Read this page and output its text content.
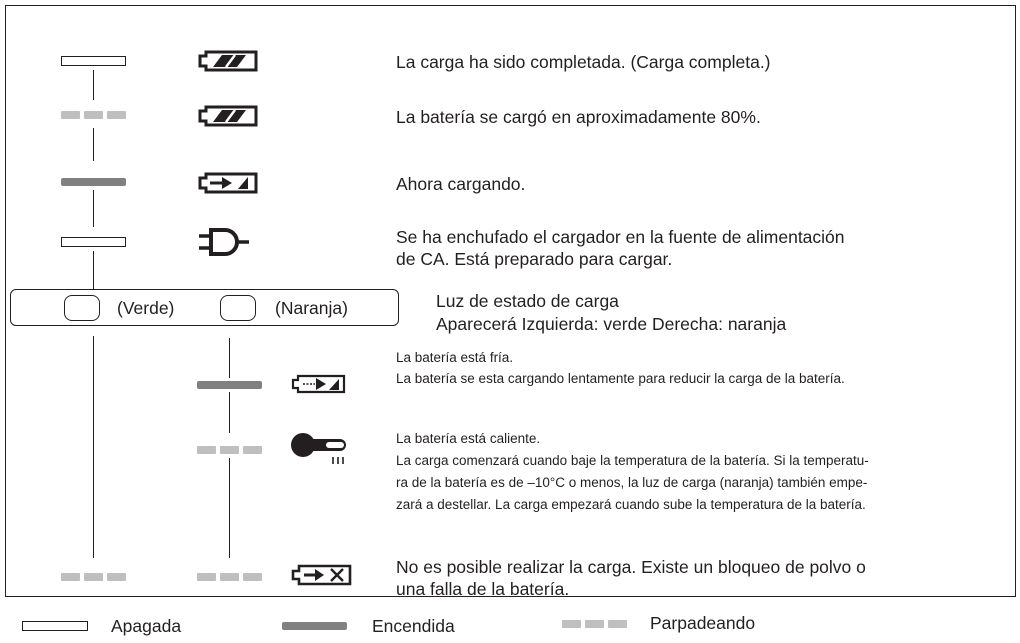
La carga ha sido completada. (Carga completa.)
La batería se cargó en aproximadamente 80%.
Ahora cargando.
Se ha enchufado el cargador en la fuente de alimentación
de CA. Está preparado para cargar.
(Verde)	(Naranja)	Luz de estado de carga
Aparecerá Izquierda: verde Derecha: naranja
La batería está fría.
La batería se esta cargando lentamente para reducir la carga de la batería.
La batería está caliente.
La carga comenzará cuando baje la temperatura de la batería. Si la temperatu-
ra de la batería es de –10°C o menos, la luz de carga (naranja) también empe-
zará a destellar. La carga empezará cuando sube la temperatura de la batería.
No es posible realizar la carga. Existe un bloqueo de polvo o
una falla de la batería.
Apagada	Encendida	Parpadeando
